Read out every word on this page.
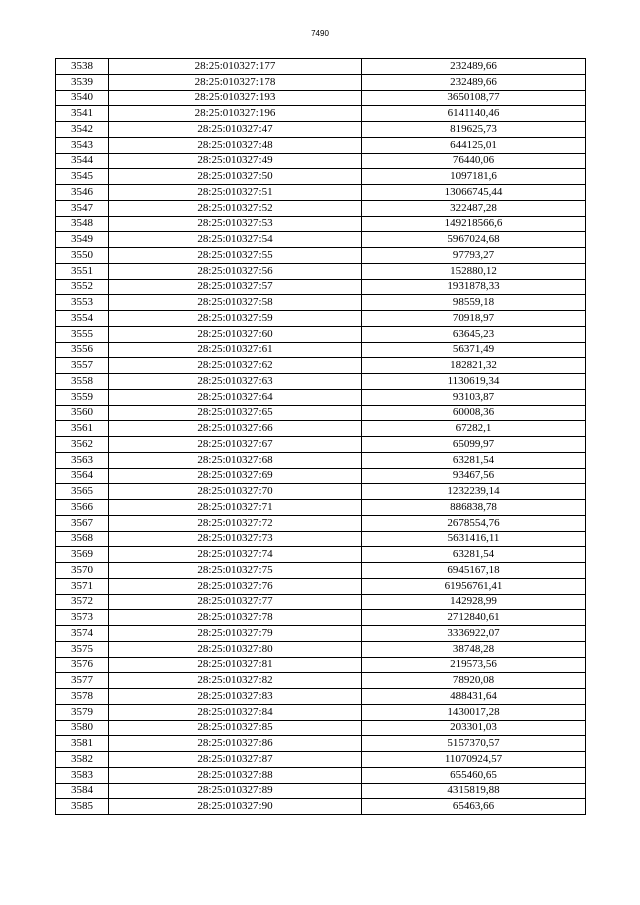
7490
3538	28:25:010327:177	232489,66
3539	28:25:010327:178	232489,66
3540	28:25:010327:193	3650108,77
3541	28:25:010327:196	6141140,46
3542	28:25:010327:47	819625,73
3543	28:25:010327:48	644125,01
3544	28:25:010327:49	76440,06
3545	28:25:010327:50	1097181,6
3546	28:25:010327:51	13066745,44
3547	28:25:010327:52	322487,28
3548	28:25:010327:53	149218566,6
3549	28:25:010327:54	5967024,68
3550	28:25:010327:55	97793,27
3551	28:25:010327:56	152880,12
3552	28:25:010327:57	1931878,33
3553	28:25:010327:58	98559,18
3554	28:25:010327:59	70918,97
3555	28:25:010327:60	63645,23
3556	28:25:010327:61	56371,49
3557	28:25:010327:62	182821,32
3558	28:25:010327:63	1130619,34
3559	28:25:010327:64	93103,87
3560	28:25:010327:65	60008,36
3561	28:25:010327:66	67282,1
3562	28:25:010327:67	65099,97
3563	28:25:010327:68	63281,54
3564	28:25:010327:69	93467,56
3565	28:25:010327:70	1232239,14
3566	28:25:010327:71	886838,78
3567	28:25:010327:72	2678554,76
3568	28:25:010327:73	5631416,11
3569	28:25:010327:74	63281,54
3570	28:25:010327:75	6945167,18
3571	28:25:010327:76	61956761,41
3572	28:25:010327:77	142928,99
3573	28:25:010327:78	2712840,61
3574	28:25:010327:79	3336922,07
3575	28:25:010327:80	38748,28
3576	28:25:010327:81	219573,56
3577	28:25:010327:82	78920,08
3578	28:25:010327:83	488431,64
3579	28:25:010327:84	1430017,28
3580	28:25:010327:85	203301,03
3581	28:25:010327:86	5157370,57
3582	28:25:010327:87	11070924,57
3583	28:25:010327:88	655460,65
3584	28:25:010327:89	4315819,88
3585	28:25:010327:90	65463,66
